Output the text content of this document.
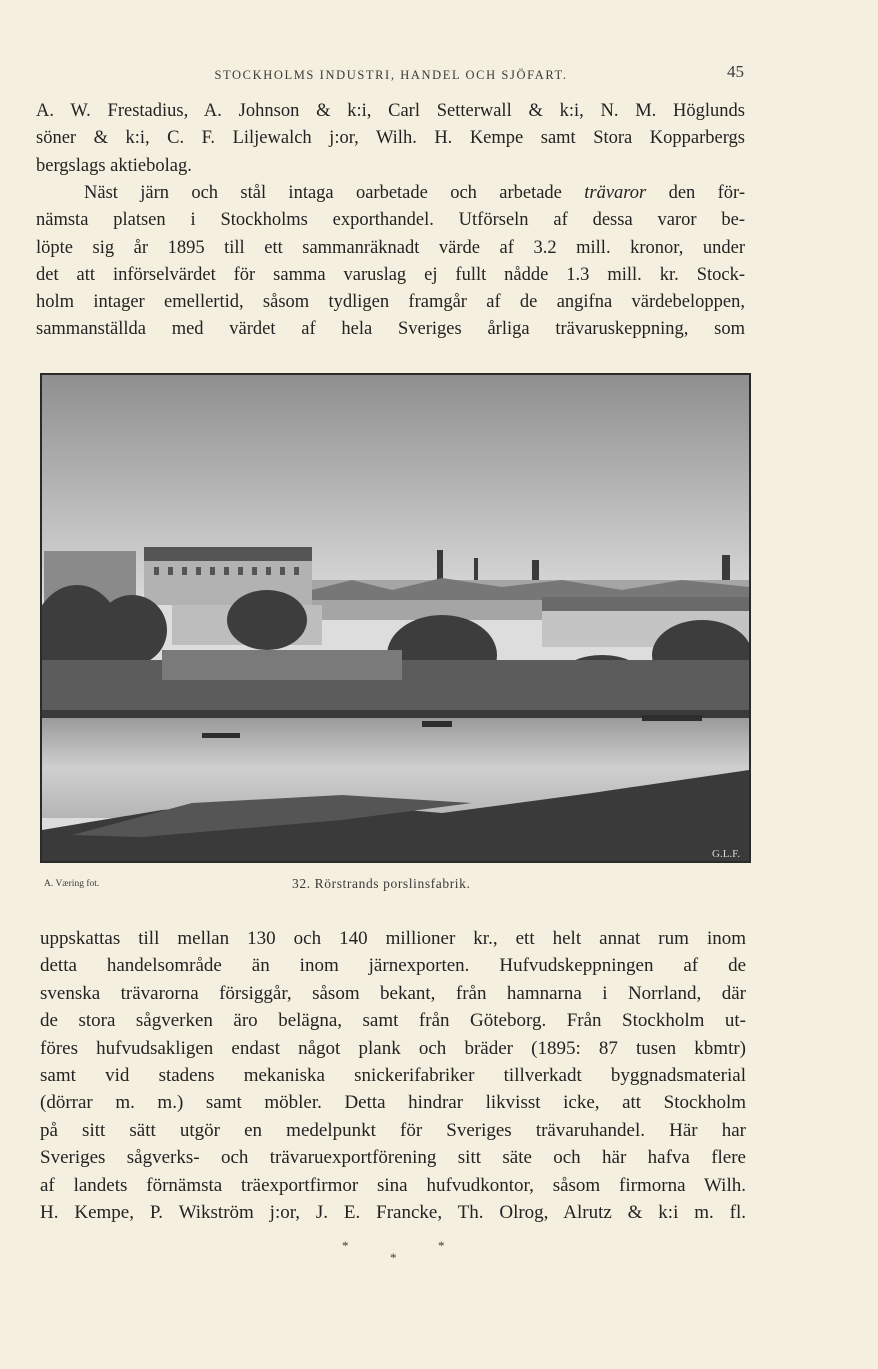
STOCKHOLMS INDUSTRI, HANDEL OCH SJÖFART.	45
A. W. Frestadius, A. Johnson & k:i, Carl Setterwall & k:i, N. M. Höglunds
söner & k:i, C. F. Liljewalch j:or, Wilh. H. Kempe samt Stora Kopparbergs
bergslags aktiebolag.
Näst järn och stål intaga oarbetade och arbetade trävaror den för-
nämsta platsen i Stockholms exporthandel. Utförseln af dessa varor be-
löpte sig år 1895 till ett sammanräknadt värde af 3.2 mill. kronor, under
det att införselvärdet för samma varuslag ej fullt nådde 1.3 mill. kr. Stock-
holm intager emellertid, såsom tydligen framgår af de angifna värdebeloppen,
sammanställda med värdet af hela Sveriges årliga trävaruskeppning, som
G.L.F.
A. Væring fot.	32. Rörstrands porslinsfabrik.
uppskattas till mellan 130 och 140 millioner kr., ett helt annat rum inom
detta handelsområde än inom järnexporten. Hufvudskeppningen af de
svenska trävarorna försiggår, såsom bekant, från hamnarna i Norrland, där
de stora sågverken äro belägna, samt från Göteborg. Från Stockholm ut-
föres hufvudsakligen endast något plank och bräder (1895: 87 tusen kbmtr)
samt vid stadens mekaniska snickerifabriker tillverkadt byggnadsmaterial
(dörrar m. m.) samt möbler. Detta hindrar likvisst icke, att Stockholm
på sitt sätt utgör en medelpunkt för Sveriges trävaruhandel. Här har
Sveriges sågverks- och trävaruexportförening sitt säte och här hafva flere
af landets förnämsta träexportfirmor sina hufvudkontor, såsom firmorna Wilh.
H. Kempe, P. Wikström j:or, J. E. Francke, Th. Olrog, Alrutz & k:i m. fl.
*	*
*
